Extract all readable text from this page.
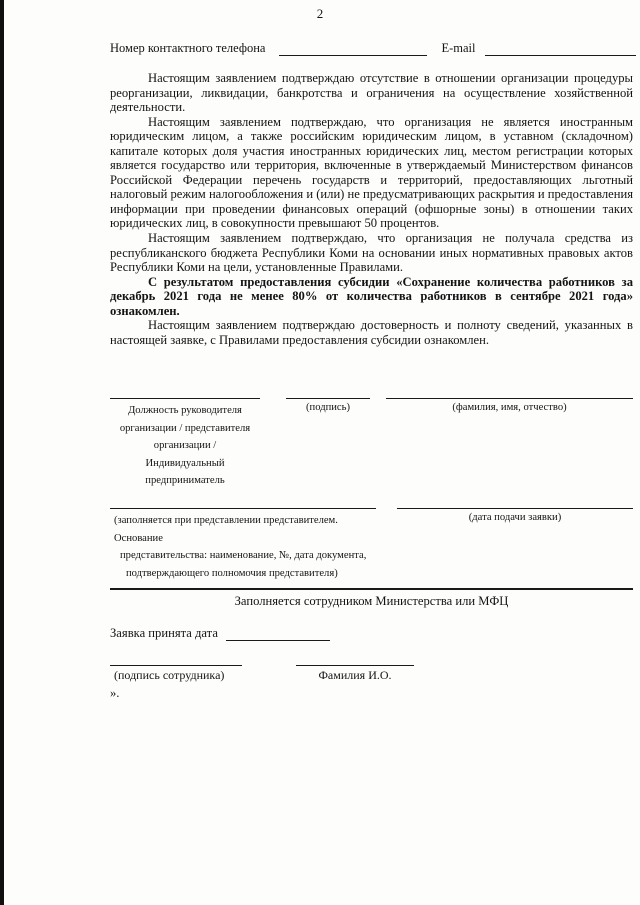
2
Номер контактного телефона	E-mail

Настоящим заявлением подтверждаю отсутствие в отношении организации процедуры реорганизации, ликвидации, банкротства и ограничения на осуществление хозяйственной деятельности.

Настоящим заявлением подтверждаю, что организация не является иностранным юридическим лицом, а также российским юридическим лицом, в уставном (складочном) капитале которых доля участия иностранных юридических лиц, местом регистрации которых является государство или территория, включенные в утверждаемый Министерством финансов Российской Федерации перечень государств и территорий, предоставляющих льготный налоговый режим налогообложения и (или) не предусматривающих раскрытия и предоставления информации при проведении финансовых операций (офшорные зоны) в отношении таких юридических лиц, в совокупности превышают 50 процентов.

Настоящим заявлением подтверждаю, что организация не получала средства из республиканского бюджета Республики Коми на основании иных нормативных правовых актов Республики Коми на цели, установленные Правилами.

С результатом предоставления субсидии «Сохранение количества работников за декабрь 2021 года не менее 80% от количества работников в сентябре 2021 года» ознакомлен.

Настоящим заявлением подтверждаю достоверность и полноту сведений, указанных в настоящей заявке, с Правилами предоставления субсидии ознакомлен.

Должность руководителя
организации / представителя
организации /
Индивидуальный предприниматель
(подпись)	(фамилия, имя, отчество)
(заполняется при представлении представителем. Основание
представительства: наименование, №, дата документа,
подтверждающего полномочия представителя)
(дата подачи заявки)
Заполняется сотрудником Министерства или МФЦ
Заявка принята дата
(подпись сотрудника)	Фамилия И.О.
».
